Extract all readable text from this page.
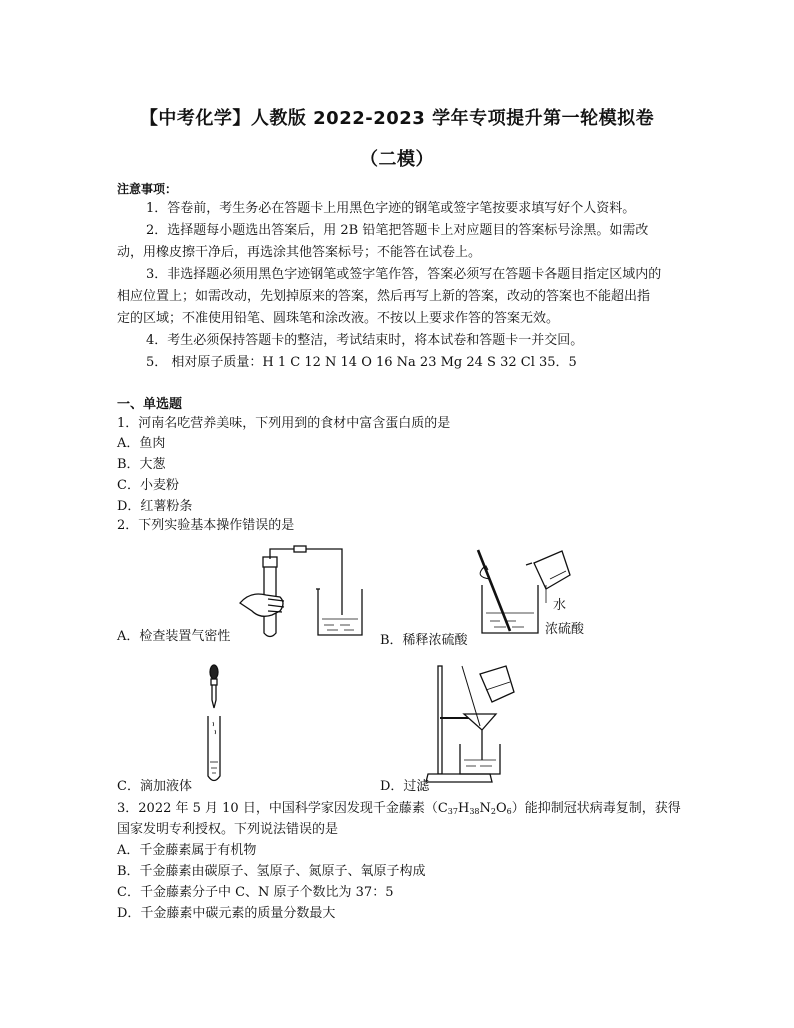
【中考化学】人教版 2022-2023 学年专项提升第一轮模拟卷
（二模）
注意事项：
1．答卷前，考生务必在答题卡上用黑色字迹的钢笔或签字笔按要求填写好个人资料。
2．选择题每小题选出答案后，用 2B 铅笔把答题卡上对应题目的答案标号涂黑。如需改
动，用橡皮擦干净后，再选涂其他答案标号；不能答在试卷上。
3．非选择题必须用黑色字迹钢笔或签字笔作答，答案必须写在答题卡各题目指定区域内的
相应位置上；如需改动，先划掉原来的答案，然后再写上新的答案，改动的答案也不能超出指
定的区域；不准使用铅笔、圆珠笔和涂改液。不按以上要求作答的答案无效。
4．考生必须保持答题卡的整洁，考试结束时，将本试卷和答题卡一并交回。
5． 相对原子质量：H 1 C 12 N 14 O 16 Na 23 Mg 24 S 32 Cl 35．5
一、单选题
1．河南名吃营养美味，下列用到的食材中富含蛋白质的是
A．鱼肉
B．大葱
C．小麦粉
D．红薯粉条
2．下列实验基本操作错误的是
A．检查装置气密性
水
浓硫酸
B．稀释浓硫酸
C．滴加液体	D．过滤
3．2022 年 5 月 10 日，中国科学家因发现千金藤素$(C_{37}H_{38}N_2O_6)$能抑制冠状病毒复制，获得
国家发明专利授权。下列说法错误的是
A．千金藤素属于有机物
B．千金藤素由碳原子、氢原子、氮原子、氧原子构成
C．千金藤素分子中 C、N 原子个数比为 37：5
D．千金藤素中碳元素的质量分数最大
